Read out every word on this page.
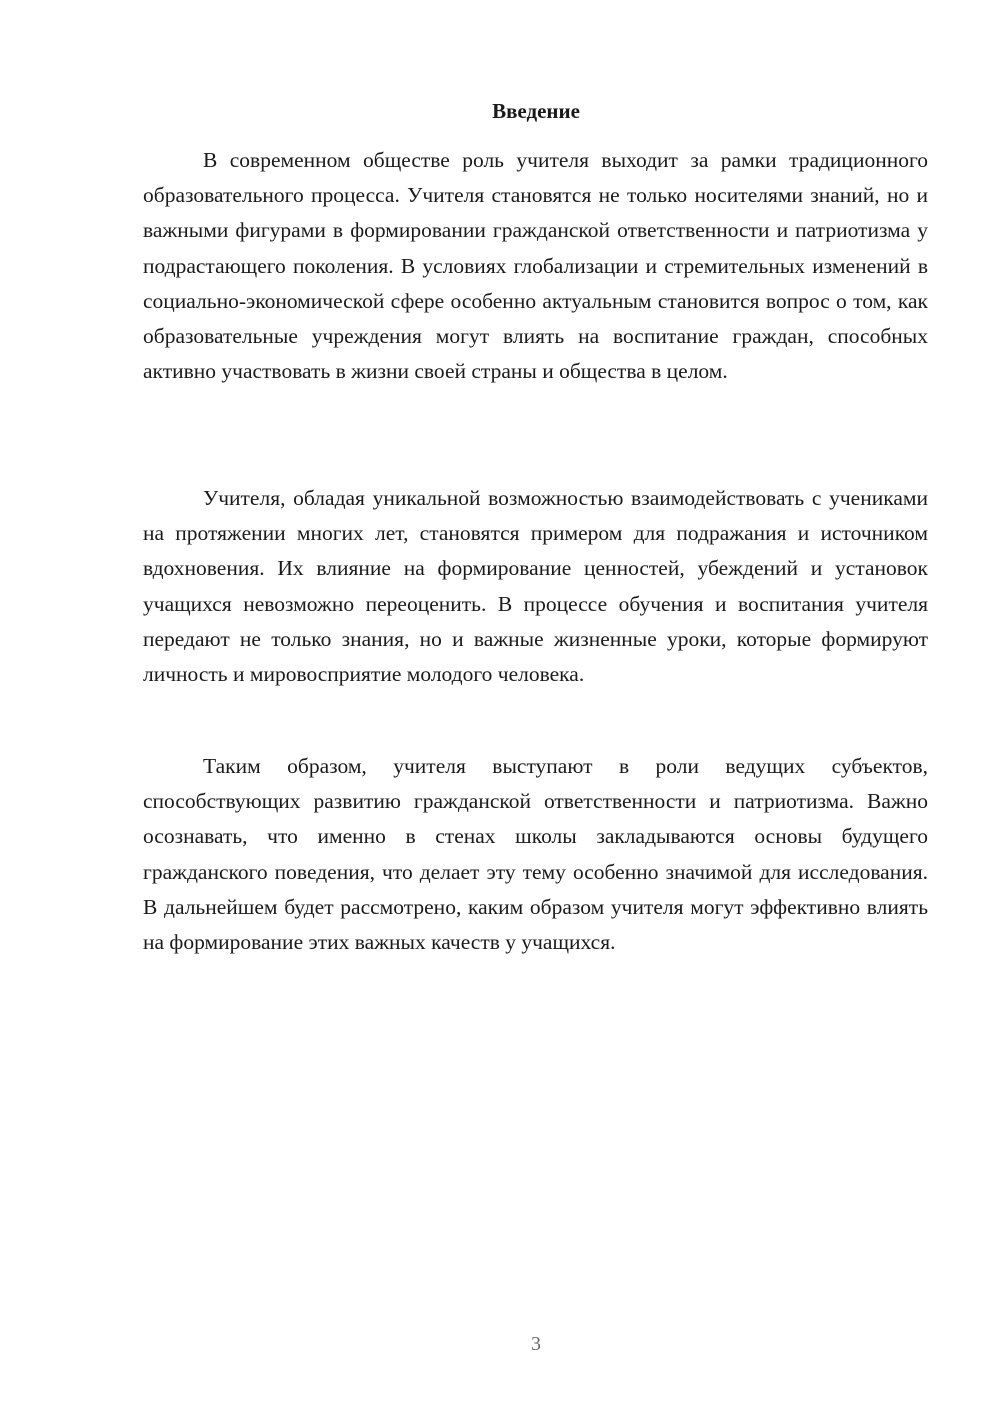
Введение

В современном обществе роль учителя выходит за рамки традиционного образовательного процесса. Учителя становятся не только носителями знаний, но и важными фигурами в формировании гражданской ответственности и патриотизма у подрастающего поколения. В условиях глобализации и стремительных изменений в социально-экономической сфере особенно актуальным становится вопрос о том, как образовательные учреждения могут влиять на воспитание граждан, способных активно участвовать в жизни своей страны и общества в целом.

Учителя, обладая уникальной возможностью взаимодействовать с учениками на протяжении многих лет, становятся примером для подражания и источником вдохновения. Их влияние на формирование ценностей, убеждений и установок учащихся невозможно переоценить. В процессе обучения и воспитания учителя передают не только знания, но и важные жизненные уроки, которые формируют личность и мировосприятие молодого человека.

Таким образом, учителя выступают в роли ведущих субъектов, способствующих развитию гражданской ответственности и патриотизма. Важно осознавать, что именно в стенах школы закладываются основы будущего гражданского поведения, что делает эту тему особенно значимой для исследования. В дальнейшем будет рассмотрено, каким образом учителя могут эффективно влиять на формирование этих важных качеств у учащихся.

3
